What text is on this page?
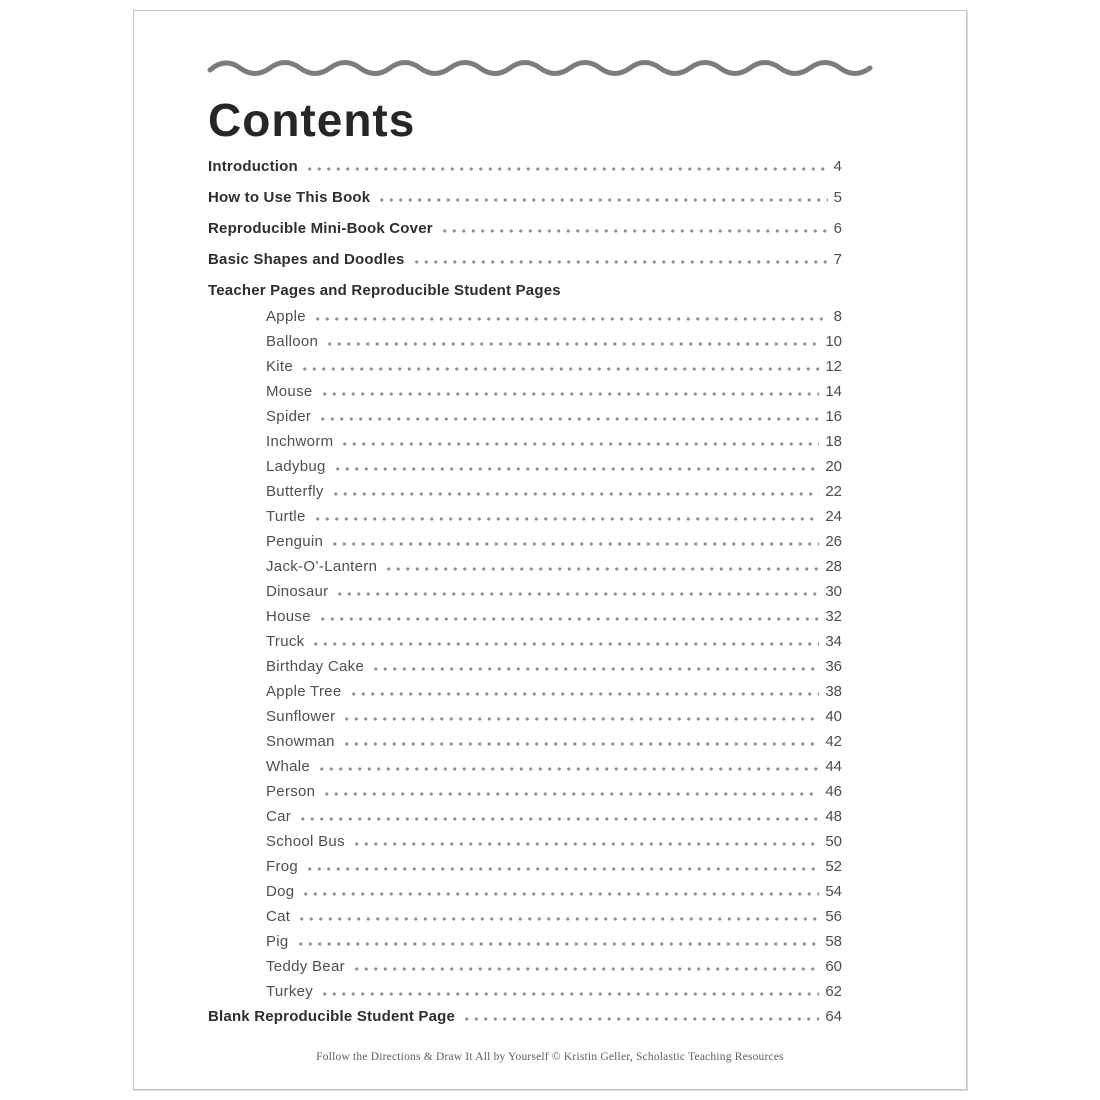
Contents
Introduction	4
How to Use This Book	5
Reproducible Mini-Book Cover	6
Basic Shapes and Doodles	7
Teacher Pages and Reproducible Student Pages
Apple	8
Balloon	10
Kite	12
Mouse	14
Spider	16
Inchworm	18
Ladybug	20
Butterfly	22
Turtle	24
Penguin	26
Jack-O’-Lantern	28
Dinosaur	30
House	32
Truck	34
Birthday Cake	36
Apple Tree	38
Sunflower	40
Snowman	42
Whale	44
Person	46
Car	48
School Bus	50
Frog	52
Dog	54
Cat	56
Pig	58
Teddy Bear	60
Turkey	62
Blank Reproducible Student Page	64
Follow the Directions & Draw It All by Yourself © Kristin Geller, Scholastic Teaching Resources
